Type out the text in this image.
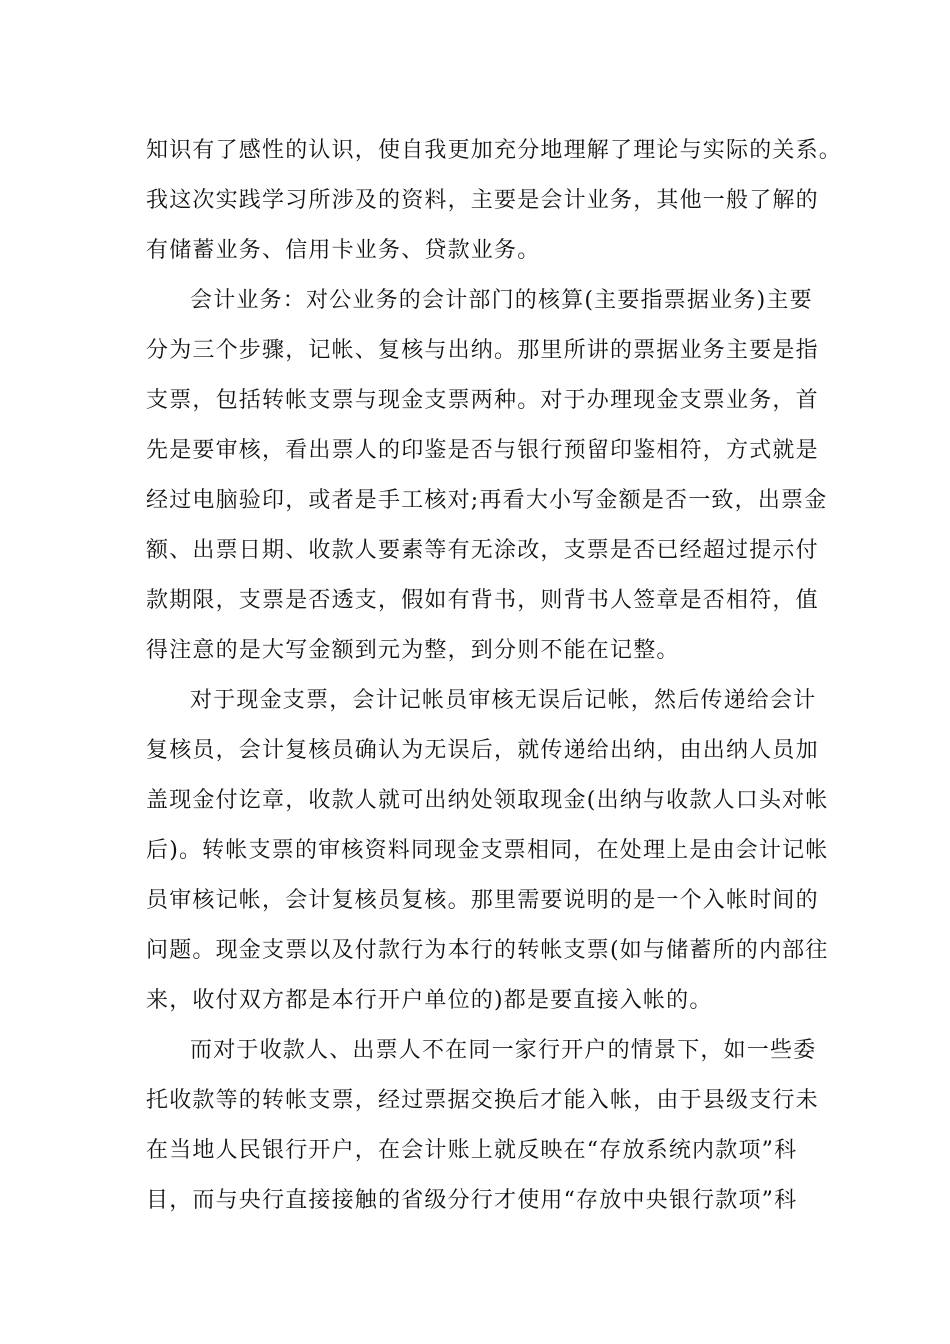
知识有了感性的认识，使自我更加充分地理解了理论与实际的关系。
我这次实践学习所涉及的资料，主要是会计业务，其他一般了解的
有储蓄业务、信用卡业务、贷款业务。
会计业务：对公业务的会计部门的核算(主要指票据业务)主要
分为三个步骤，记帐、复核与出纳。那里所讲的票据业务主要是指
支票，包括转帐支票与现金支票两种。对于办理现金支票业务，首
先是要审核，看出票人的印鉴是否与银行预留印鉴相符，方式就是
经过电脑验印，或者是手工核对;再看大小写金额是否一致，出票金
额、出票日期、收款人要素等有无涂改，支票是否已经超过提示付
款期限，支票是否透支，假如有背书，则背书人签章是否相符，值
得注意的是大写金额到元为整，到分则不能在记整。
对于现金支票，会计记帐员审核无误后记帐，然后传递给会计
复核员，会计复核员确认为无误后，就传递给出纳，由出纳人员加
盖现金付讫章，收款人就可出纳处领取现金(出纳与收款人口头对帐
后)。转帐支票的审核资料同现金支票相同，在处理上是由会计记帐
员审核记帐，会计复核员复核。那里需要说明的是一个入帐时间的
问题。现金支票以及付款行为本行的转帐支票(如与储蓄所的内部往
来，收付双方都是本行开户单位的)都是要直接入帐的。
而对于收款人、出票人不在同一家行开户的情景下，如一些委
托收款等的转帐支票，经过票据交换后才能入帐，由于县级支行未
在当地人民银行开户，在会计账上就反映在“存放系统内款项”科
目，而与央行直接接触的省级分行才使用“存放中央银行款项”科
